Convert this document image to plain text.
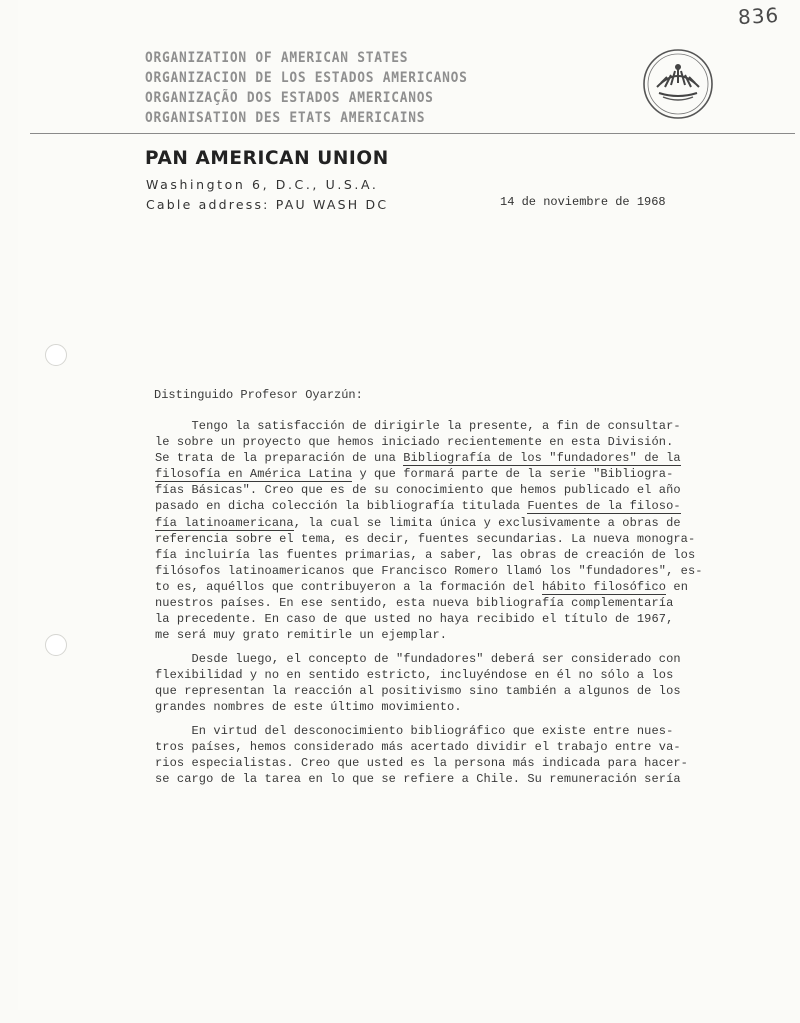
836
ORGANIZATION OF AMERICAN STATES
ORGANIZACION DE LOS ESTADOS AMERICANOS
ORGANIZAÇÃO DOS ESTADOS AMERICANOS
ORGANISATION DES ETATS AMERICAINS
PAN AMERICAN UNION
Washington 6, D.C., U.S.A.
Cable address: PAU WASH DC	14 de noviembre de 1968
Distinguido Profesor Oyarzún:
Tengo la satisfacción de dirigirle la presente, a fin de consultar-
le sobre un proyecto que hemos iniciado recientemente en esta División.
Se trata de la preparación de una Bibliografía de los "fundadores" de la
filosofía en América Latina y que formará parte de la serie "Bibliogra-
fías Básicas". Creo que es de su conocimiento que hemos publicado el año
pasado en dicha colección la bibliografía titulada Fuentes de la filoso-
fía latinoamericana, la cual se limita única y exclusivamente a obras de
referencia sobre el tema, es decir, fuentes secundarias. La nueva monogra-
fía incluiría las fuentes primarias, a saber, las obras de creación de los
filósofos latinoamericanos que Francisco Romero llamó los "fundadores", es-
to es, aquéllos que contribuyeron a la formación del hábito filosófico en
nuestros países. En ese sentido, esta nueva bibliografía complementaría
la precedente. En caso de que usted no haya recibido el título de 1967,
me será muy grato remitirle un ejemplar.
Desde luego, el concepto de "fundadores" deberá ser considerado con
flexibilidad y no en sentido estricto, incluyéndose en él no sólo a los
que representan la reacción al positivismo sino también a algunos de los
grandes nombres de este último movimiento.
En virtud del desconocimiento bibliográfico que existe entre nues-
tros países, hemos considerado más acertado dividir el trabajo entre va-
rios especialistas. Creo que usted es la persona más indicada para hacer-
se cargo de la tarea en lo que se refiere a Chile. Su remuneración sería
